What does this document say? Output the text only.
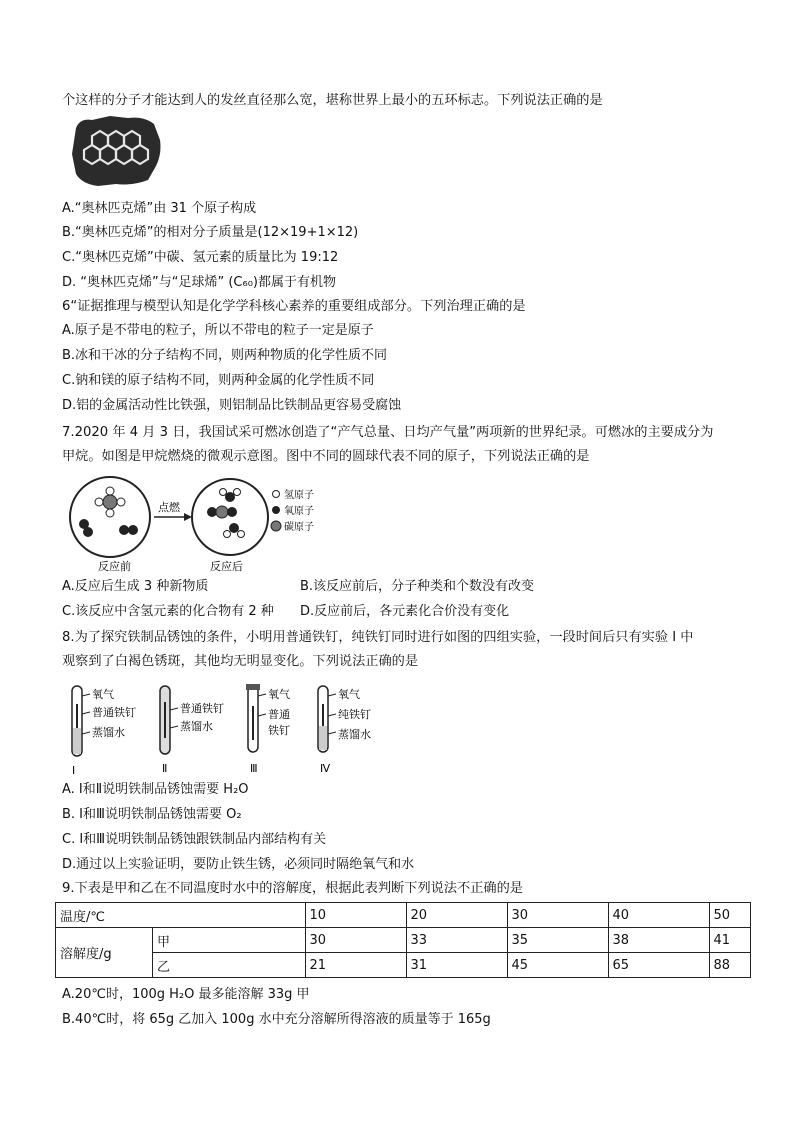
个这样的分子才能达到人的发丝直径那么宽，堪称世界上最小的五环标志。下列说法正确的是
A.“奥林匹克烯”由 31 个原子构成
B.“奥林匹克烯”的相对分子质量是(12×19+1×12)
C.“奥林匹克烯”中碳、氢元素的质量比为 19:12
D. “奥林匹克烯”与“足球烯” (C₆₀)都属于有机物
6“证据推理与模型认知是化学学科核心素养的重要组成部分。下列治理正确的是
A.原子是不带电的粒子，所以不带电的粒子一定是原子
B.冰和干冰的分子结构不同，则两种物质的化学性质不同
C.钠和镁的原子结构不同，则两种金属的化学性质不同
D.铝的金属活动性比铁强，则铝制品比铁制品更容易受腐蚀
7.2020 年 4 月 3 日，我国试采可燃冰创造了“产气总量、日均产气量”两项新的世界纪录。可燃冰的主要成分为
甲烷。如图是甲烷燃烧的微观示意图。图中不同的圆球代表不同的原子，下列说法正确的是
反应前
点燃
反应后
氢原子
氧原子
碳原子
A.反应后生成 3 种新物质	B.该反应前后，分子种类和个数没有改变
C.该反应中含氢元素的化合物有 2 种 D.反应前后，各元素化合价没有变化
8.为了探究铁制品锈蚀的条件，小明用普通铁钉，纯铁钉同时进行如图的四组实验，一段时间后只有实验 I 中
观察到了白褐色锈斑，其他均无明显变化。下列说法正确的是
氧气
普通铁钉
蒸馏水
Ⅰ
普通铁钉
蒸馏水
Ⅱ
氧气
普通
铁钉
Ⅲ
氧气
纯铁钉
蒸馏水
Ⅳ
A. Ⅰ和Ⅱ说明铁制品锈蚀需要 H₂O
B. Ⅰ和Ⅲ说明铁制品锈蚀需要 O₂
C. Ⅰ和Ⅲ说明铁制品锈蚀跟铁制品内部结构有关
D.通过以上实验证明，要防止铁生锈，必须同时隔绝氧气和水
9.下表是甲和乙在不同温度时水中的溶解度，根据此表判断下列说法不正确的是
温度/℃		10	20	30	40	50
溶解度/g	甲	30	33	35	38	41
	乙	21	31	45	65	88
A.20℃时，100g H₂O 最多能溶解 33g 甲
B.40℃时，将 65g 乙加入 100g 水中充分溶解所得溶液的质量等于 165g
